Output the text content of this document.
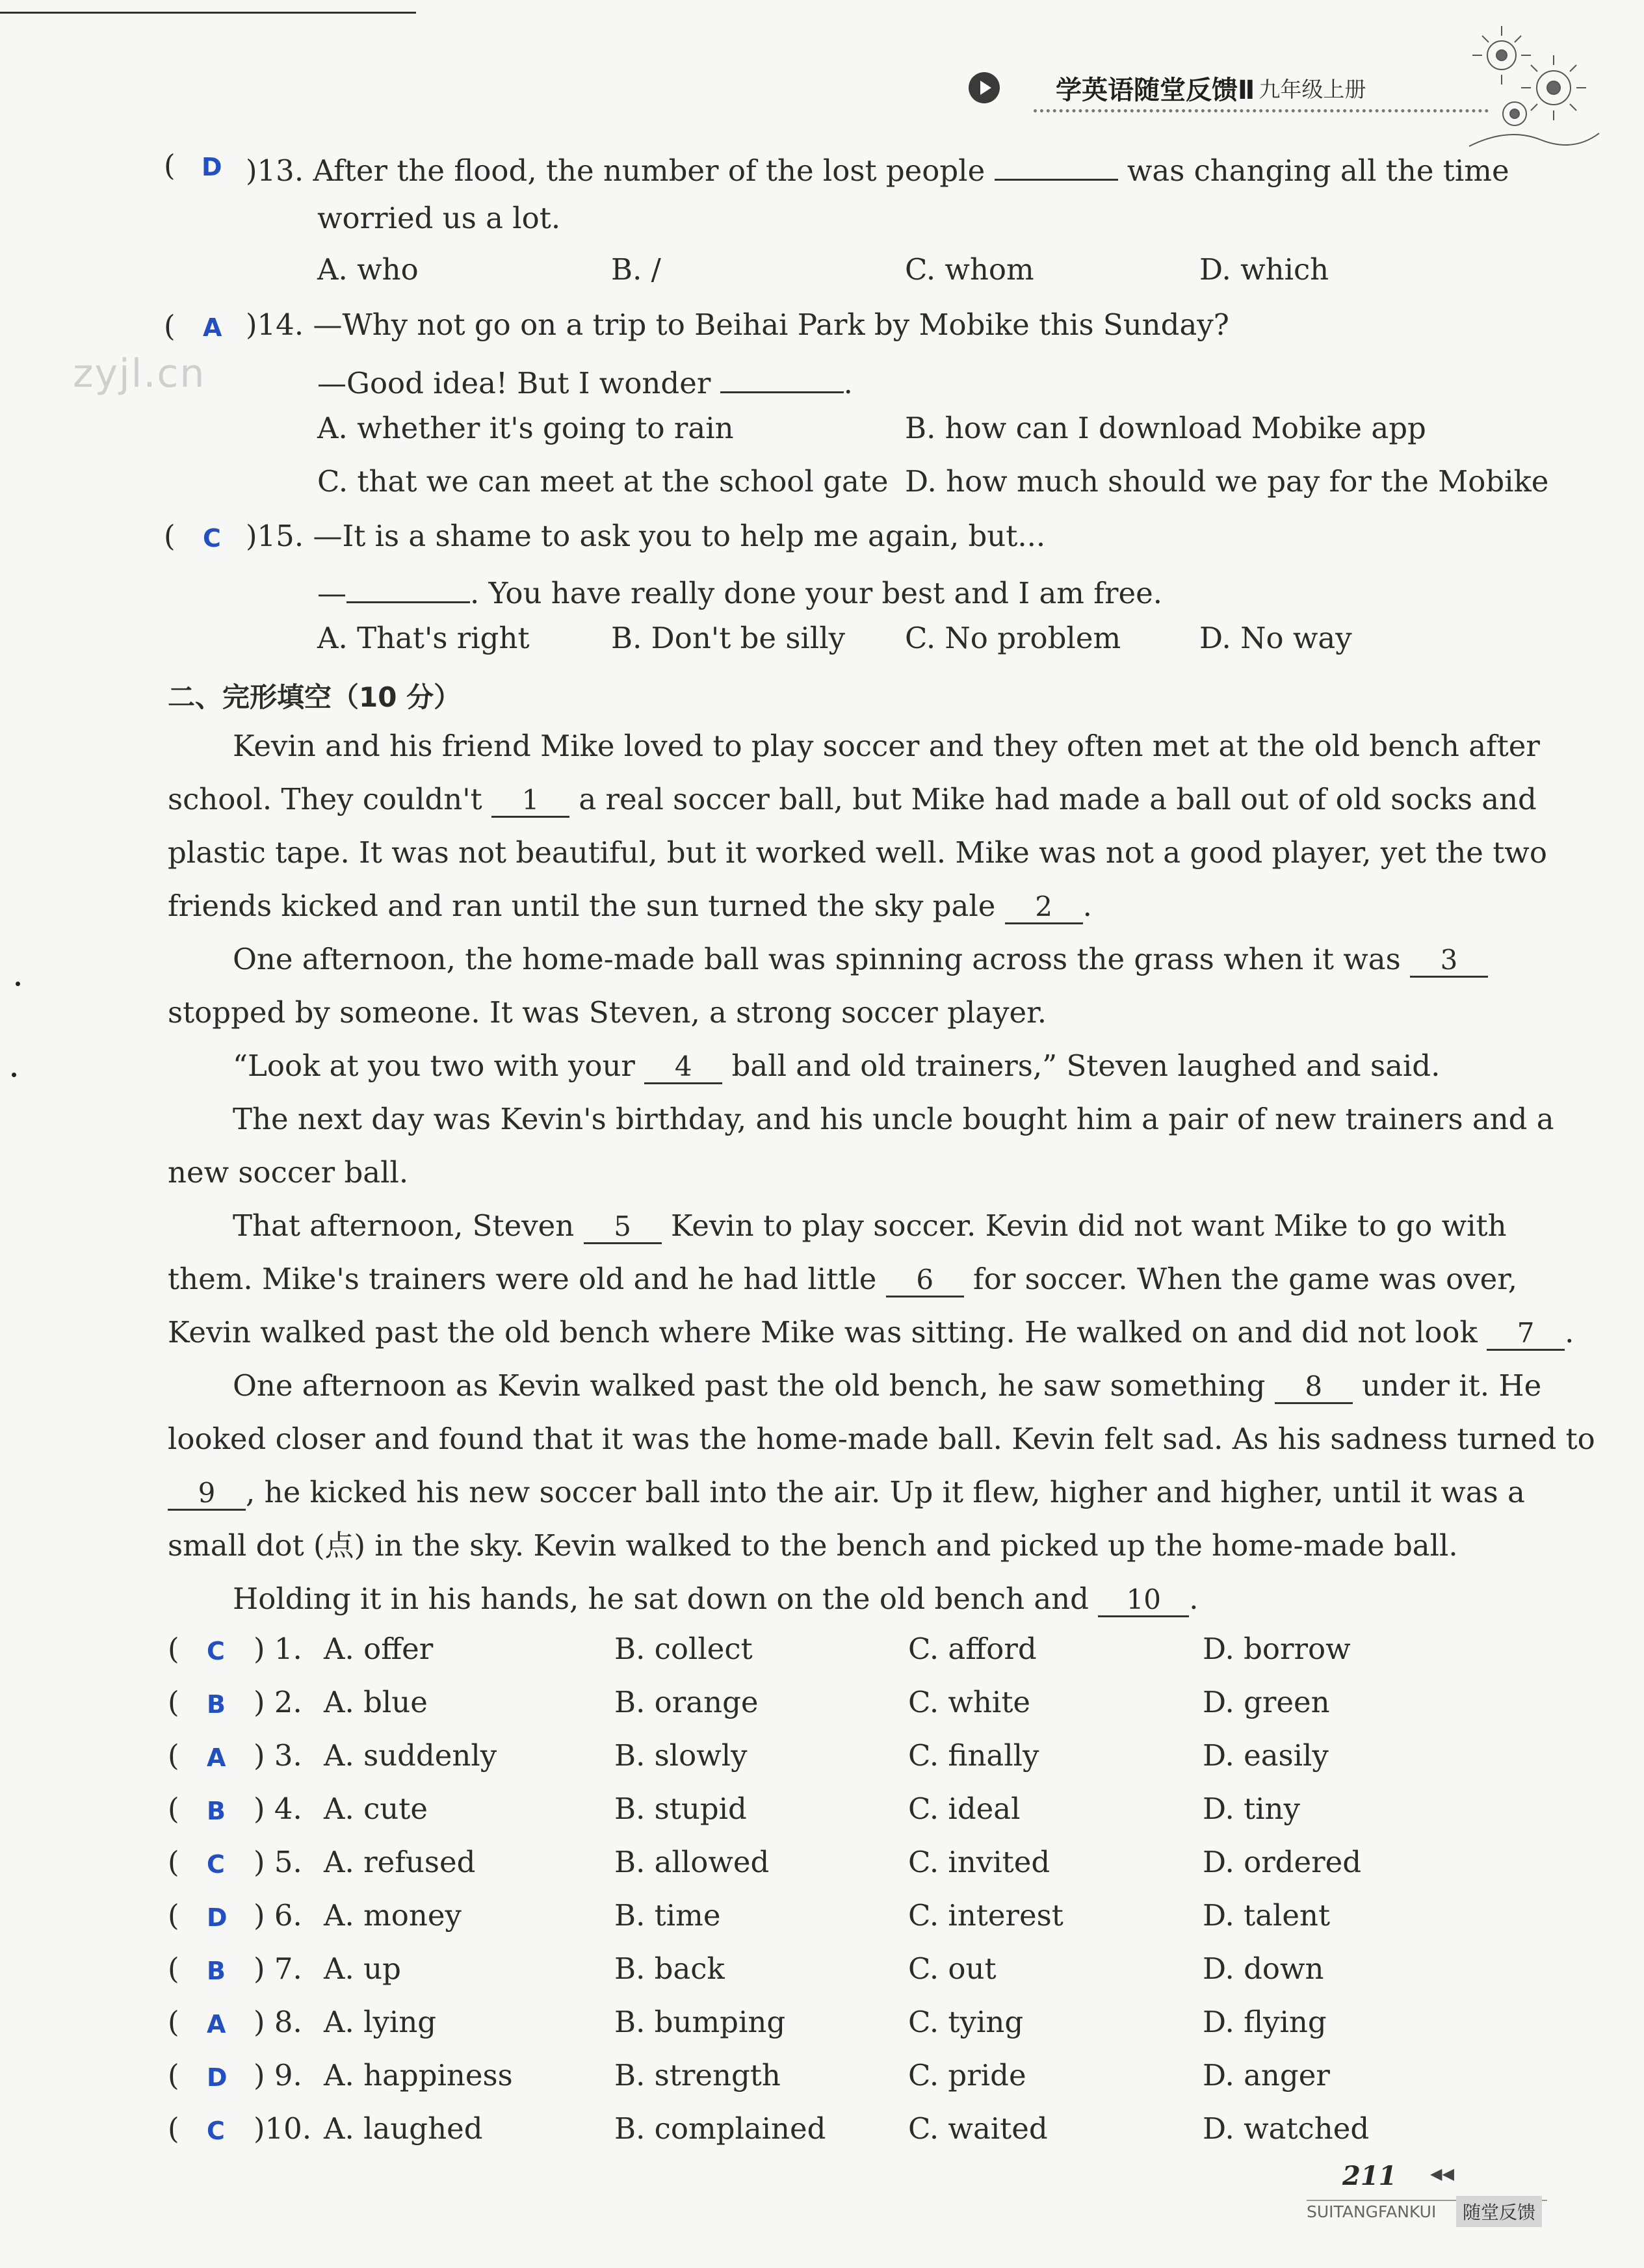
学英语随堂反馈Ⅱ 九年级上册
zyjl.cn
( D )13. After the flood, the number of the lost people	was changing all the time
worried us a lot.
A. who	B. /	C. whom	D. which
( A )14. —Why not go on a trip to Beihai Park by Mobike this Sunday?
—Good idea! But I wonder	.
A. whether it's going to rain	B. how can I download Mobike app
C. that we can meet at the school gate D. how much should we pay for the Mobike
( C )15. —It is a shame to ask you to help me again, but...
—	. You have really done your best and I am free.
A. That's right	B. Don't be silly C. No problem	D. No way
二、完形填空（10 分）
Kevin and his friend Mike loved to play soccer and they often met at the old bench after
school. They couldn't 1 a real soccer ball, but Mike had made a ball out of old socks and
plastic tape. It was not beautiful, but it worked well. Mike was not a good player, yet the two
friends kicked and ran until the sun turned the sky pale 2 .
One afternoon, the home-made ball was spinning across the grass when it was 3
stopped by someone. It was Steven, a strong soccer player.
“Look at you two with your 4 ball and old trainers,” Steven laughed and said.
The next day was Kevin's birthday, and his uncle bought him a pair of new trainers and a
new soccer ball.
That afternoon, Steven 5 Kevin to play soccer. Kevin did not want Mike to go with
them. Mike's trainers were old and he had little 6 for soccer. When the game was over,
Kevin walked past the old bench where Mike was sitting. He walked on and did not look 7 .
One afternoon as Kevin walked past the old bench, he saw something 8 under it. He
looked closer and found that it was the home-made ball. Kevin felt sad. As his sadness turned to
9 , he kicked his new soccer ball into the air. Up it flew, higher and higher, until it was a
small dot (点) in the sky. Kevin walked to the bench and picked up the home-made ball.
Holding it in his hands, he sat down on the old bench and 10 .
( C ) 1. A. offer	B. collect	C. afford	D. borrow
( B ) 2. A. blue	B. orange	C. white	D. green
( A ) 3. A. suddenly	B. slowly	C. finally	D. easily
( B ) 4. A. cute	B. stupid	C. ideal	D. tiny
( C ) 5. A. refused	B. allowed	C. invited	D. ordered
( D ) 6. A. money	B. time	C. interest	D. talent
( B ) 7. A. up	B. back	C. out	D. down
( A ) 8. A. lying	B. bumping	C. tying	D. flying
( D ) 9. A. happiness	B. strength	C. pride	D. anger
( C )10. A. laughed	B. complained	C. waited	D. watched
211 ◀◀
SUITANGFANKUI	随堂反馈
